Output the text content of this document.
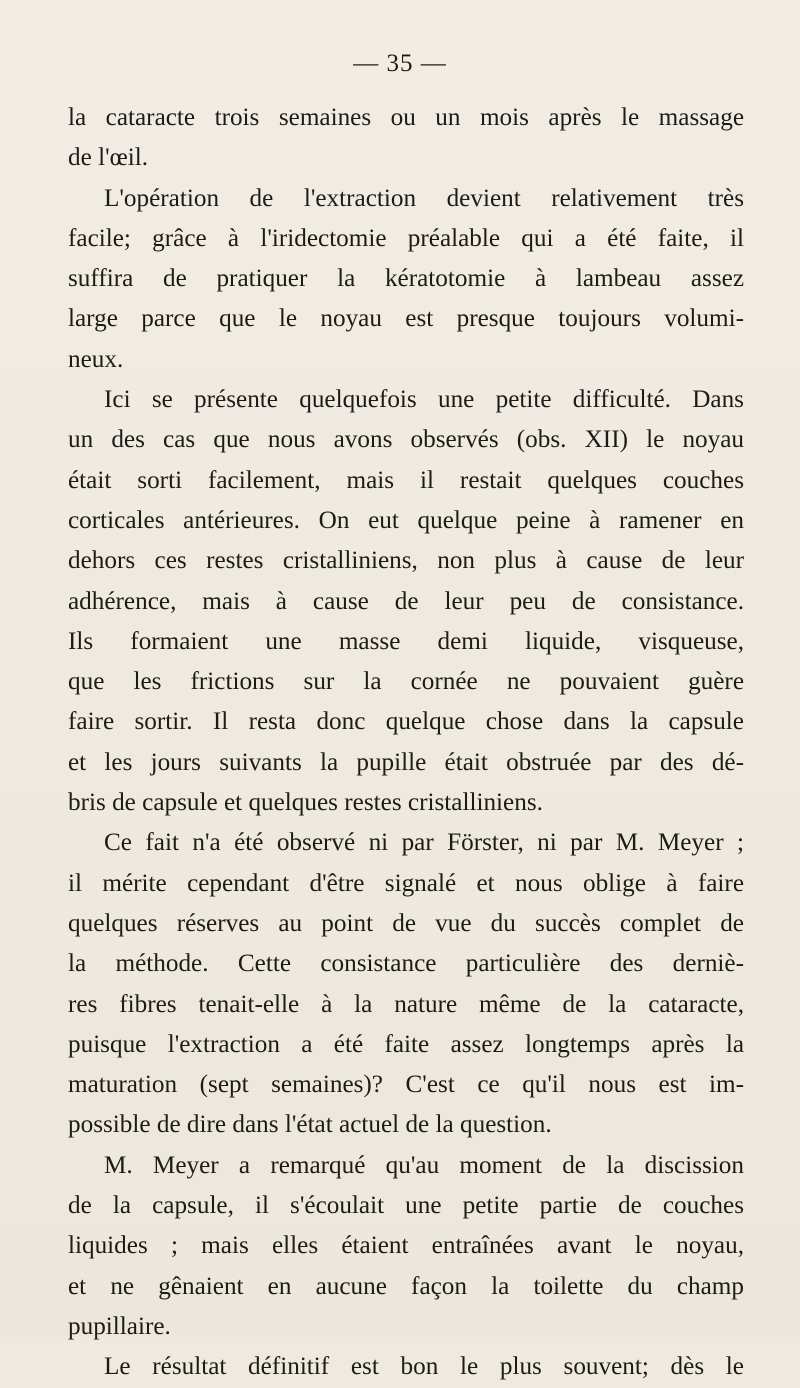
— 35 —
la cataracte trois semaines ou un mois après le massage
de l'œil.
L'opération de l'extraction devient relativement très
facile; grâce à l'iridectomie préalable qui a été faite, il
suffira de pratiquer la kératotomie à lambeau assez
large parce que le noyau est presque toujours volumi-
neux.
Ici se présente quelquefois une petite difficulté. Dans
un des cas que nous avons observés (obs. XII) le noyau
était sorti facilement, mais il restait quelques couches
corticales antérieures. On eut quelque peine à ramener en
dehors ces restes cristalliniens, non plus à cause de leur
adhérence, mais à cause de leur peu de consistance.
Ils formaient une masse demi liquide, visqueuse,
que les frictions sur la cornée ne pouvaient guère
faire sortir. Il resta donc quelque chose dans la capsule
et les jours suivants la pupille était obstruée par des dé-
bris de capsule et quelques restes cristalliniens.
Ce fait n'a été observé ni par Förster, ni par M. Meyer ;
il mérite cependant d'être signalé et nous oblige à faire
quelques réserves au point de vue du succès complet de
la méthode. Cette consistance particulière des derniè-
res fibres tenait-elle à la nature même de la cataracte,
puisque l'extraction a été faite assez longtemps après la
maturation (sept semaines)? C'est ce qu'il nous est im-
possible de dire dans l'état actuel de la question.
M. Meyer a remarqué qu'au moment de la discission
de la capsule, il s'écoulait une petite partie de couches
liquides ; mais elles étaient entraînées avant le noyau,
et ne gênaient en aucune façon la toilette du champ
pupillaire.
Le résultat définitif est bon le plus souvent; dès le
